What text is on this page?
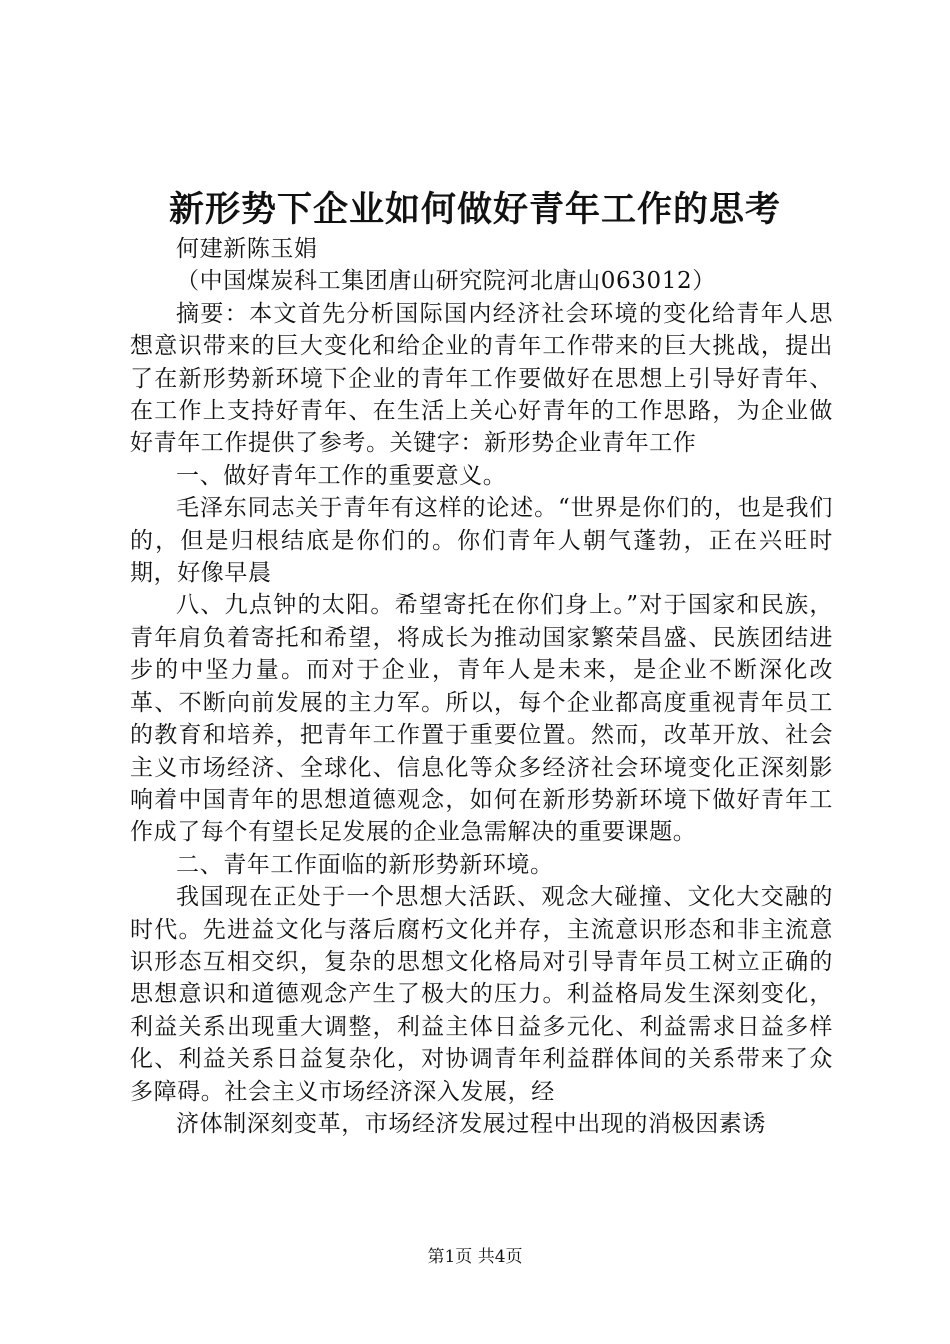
新形势下企业如何做好青年工作的思考

何建新陈玉娟

（中国煤炭科工集团唐山研究院河北唐山063012）

摘要：本文首先分析国际国内经济社会环境的变化给青年人思想意识带来的巨大变化和给企业的青年工作带来的巨大挑战，提出了在新形势新环境下企业的青年工作要做好在思想上引导好青年、在工作上支持好青年、在生活上关心好青年的工作思路，为企业做好青年工作提供了参考。关键字：新形势企业青年工作

一、做好青年工作的重要意义。

毛泽东同志关于青年有这样的论述。“世界是你们的，也是我们的，但是归根结底是你们的。你们青年人朝气蓬勃，正在兴旺时期，好像早晨

八、九点钟的太阳。希望寄托在你们身上。”对于国家和民族，青年肩负着寄托和希望，将成长为推动国家繁荣昌盛、民族团结进步的中坚力量。而对于企业，青年人是未来，是企业不断深化改革、不断向前发展的主力军。所以，每个企业都高度重视青年员工的教育和培养，把青年工作置于重要位置。然而，改革开放、社会主义市场经济、全球化、信息化等众多经济社会环境变化正深刻影响着中国青年的思想道德观念，如何在新形势新环境下做好青年工作成了每个有望长足发展的企业急需解决的重要课题。

二、青年工作面临的新形势新环境。

我国现在正处于一个思想大活跃、观念大碰撞、文化大交融的时代。先进益文化与落后腐朽文化并存，主流意识形态和非主流意识形态互相交织，复杂的思想文化格局对引导青年员工树立正确的思想意识和道德观念产生了极大的压力。利益格局发生深刻变化，利益关系出现重大调整，利益主体日益多元化、利益需求日益多样化、利益关系日益复杂化，对协调青年利益群体间的关系带来了众多障碍。社会主义市场经济深入发展，经

济体制深刻变革，市场经济发展过程中出现的消极因素诱

第1页 共4页
